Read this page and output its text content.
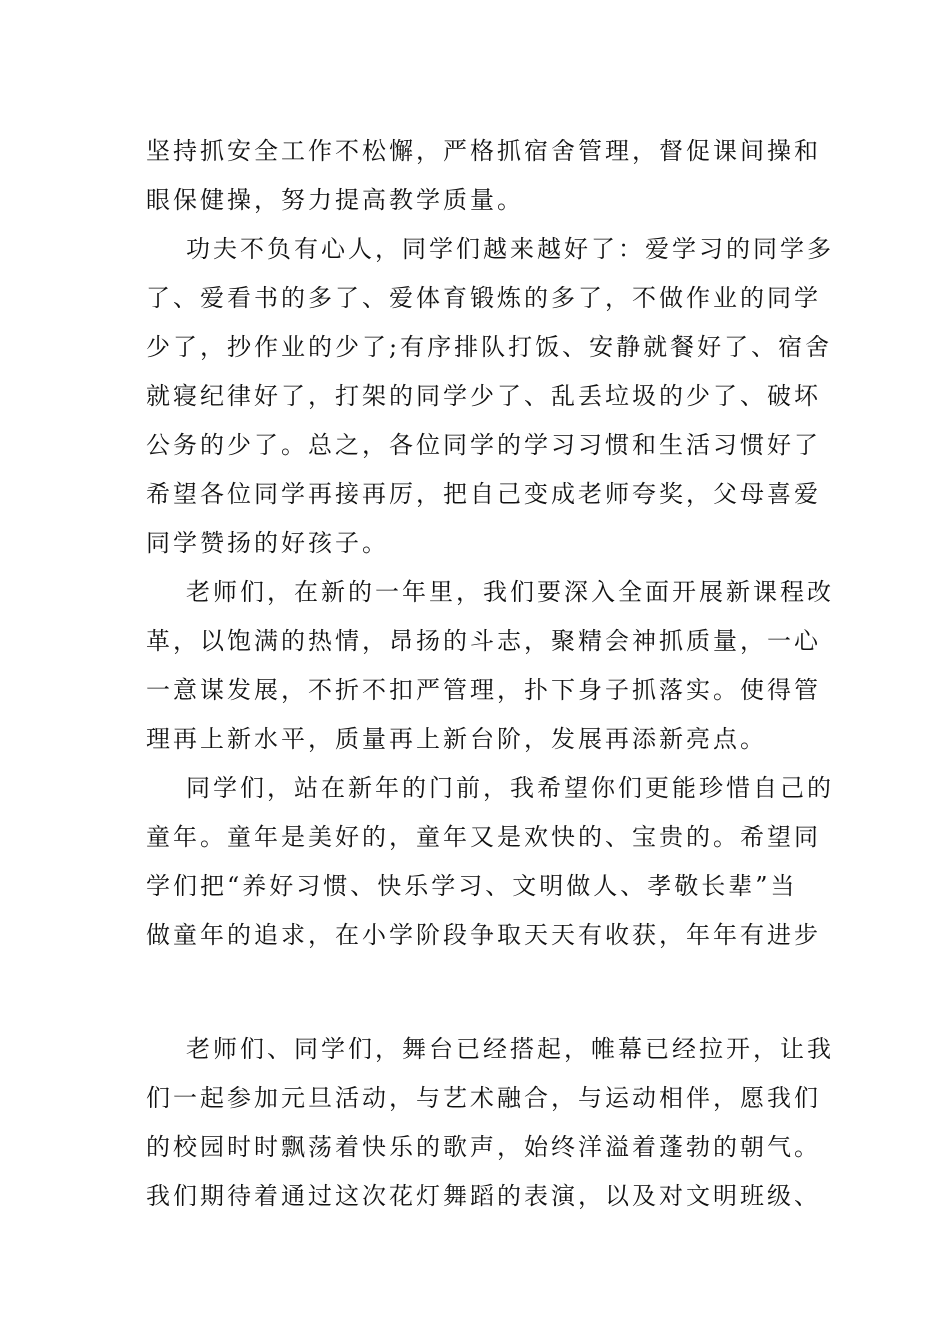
坚持抓安全工作不松懈，严格抓宿舍管理，督促课间操和
眼保健操，努力提高教学质量。
功夫不负有心人，同学们越来越好了：爱学习的同学多
了、爱看书的多了、爱体育锻炼的多了，不做作业的同学
少了，抄作业的少了;有序排队打饭、安静就餐好了、宿舍
就寝纪律好了，打架的同学少了、乱丢垃圾的少了、破坏
公务的少了。总之，各位同学的学习习惯和生活习惯好了
希望各位同学再接再厉，把自己变成老师夸奖，父母喜爱
同学赞扬的好孩子。
老师们，在新的一年里，我们要深入全面开展新课程改
革，以饱满的热情，昂扬的斗志，聚精会神抓质量，一心
一意谋发展，不折不扣严管理，扑下身子抓落实。使得管
理再上新水平，质量再上新台阶，发展再添新亮点。
同学们，站在新年的门前，我希望你们更能珍惜自己的
童年。童年是美好的，童年又是欢快的、宝贵的。希望同
学们把“养好习惯、快乐学习、文明做人、孝敬长辈”当
做童年的追求，在小学阶段争取天天有收获，年年有进步
老师们、同学们，舞台已经搭起，帷幕已经拉开，让我
们一起参加元旦活动，与艺术融合，与运动相伴，愿我们
的校园时时飘荡着快乐的歌声，始终洋溢着蓬勃的朝气。
我们期待着通过这次花灯舞蹈的表演，以及对文明班级、
